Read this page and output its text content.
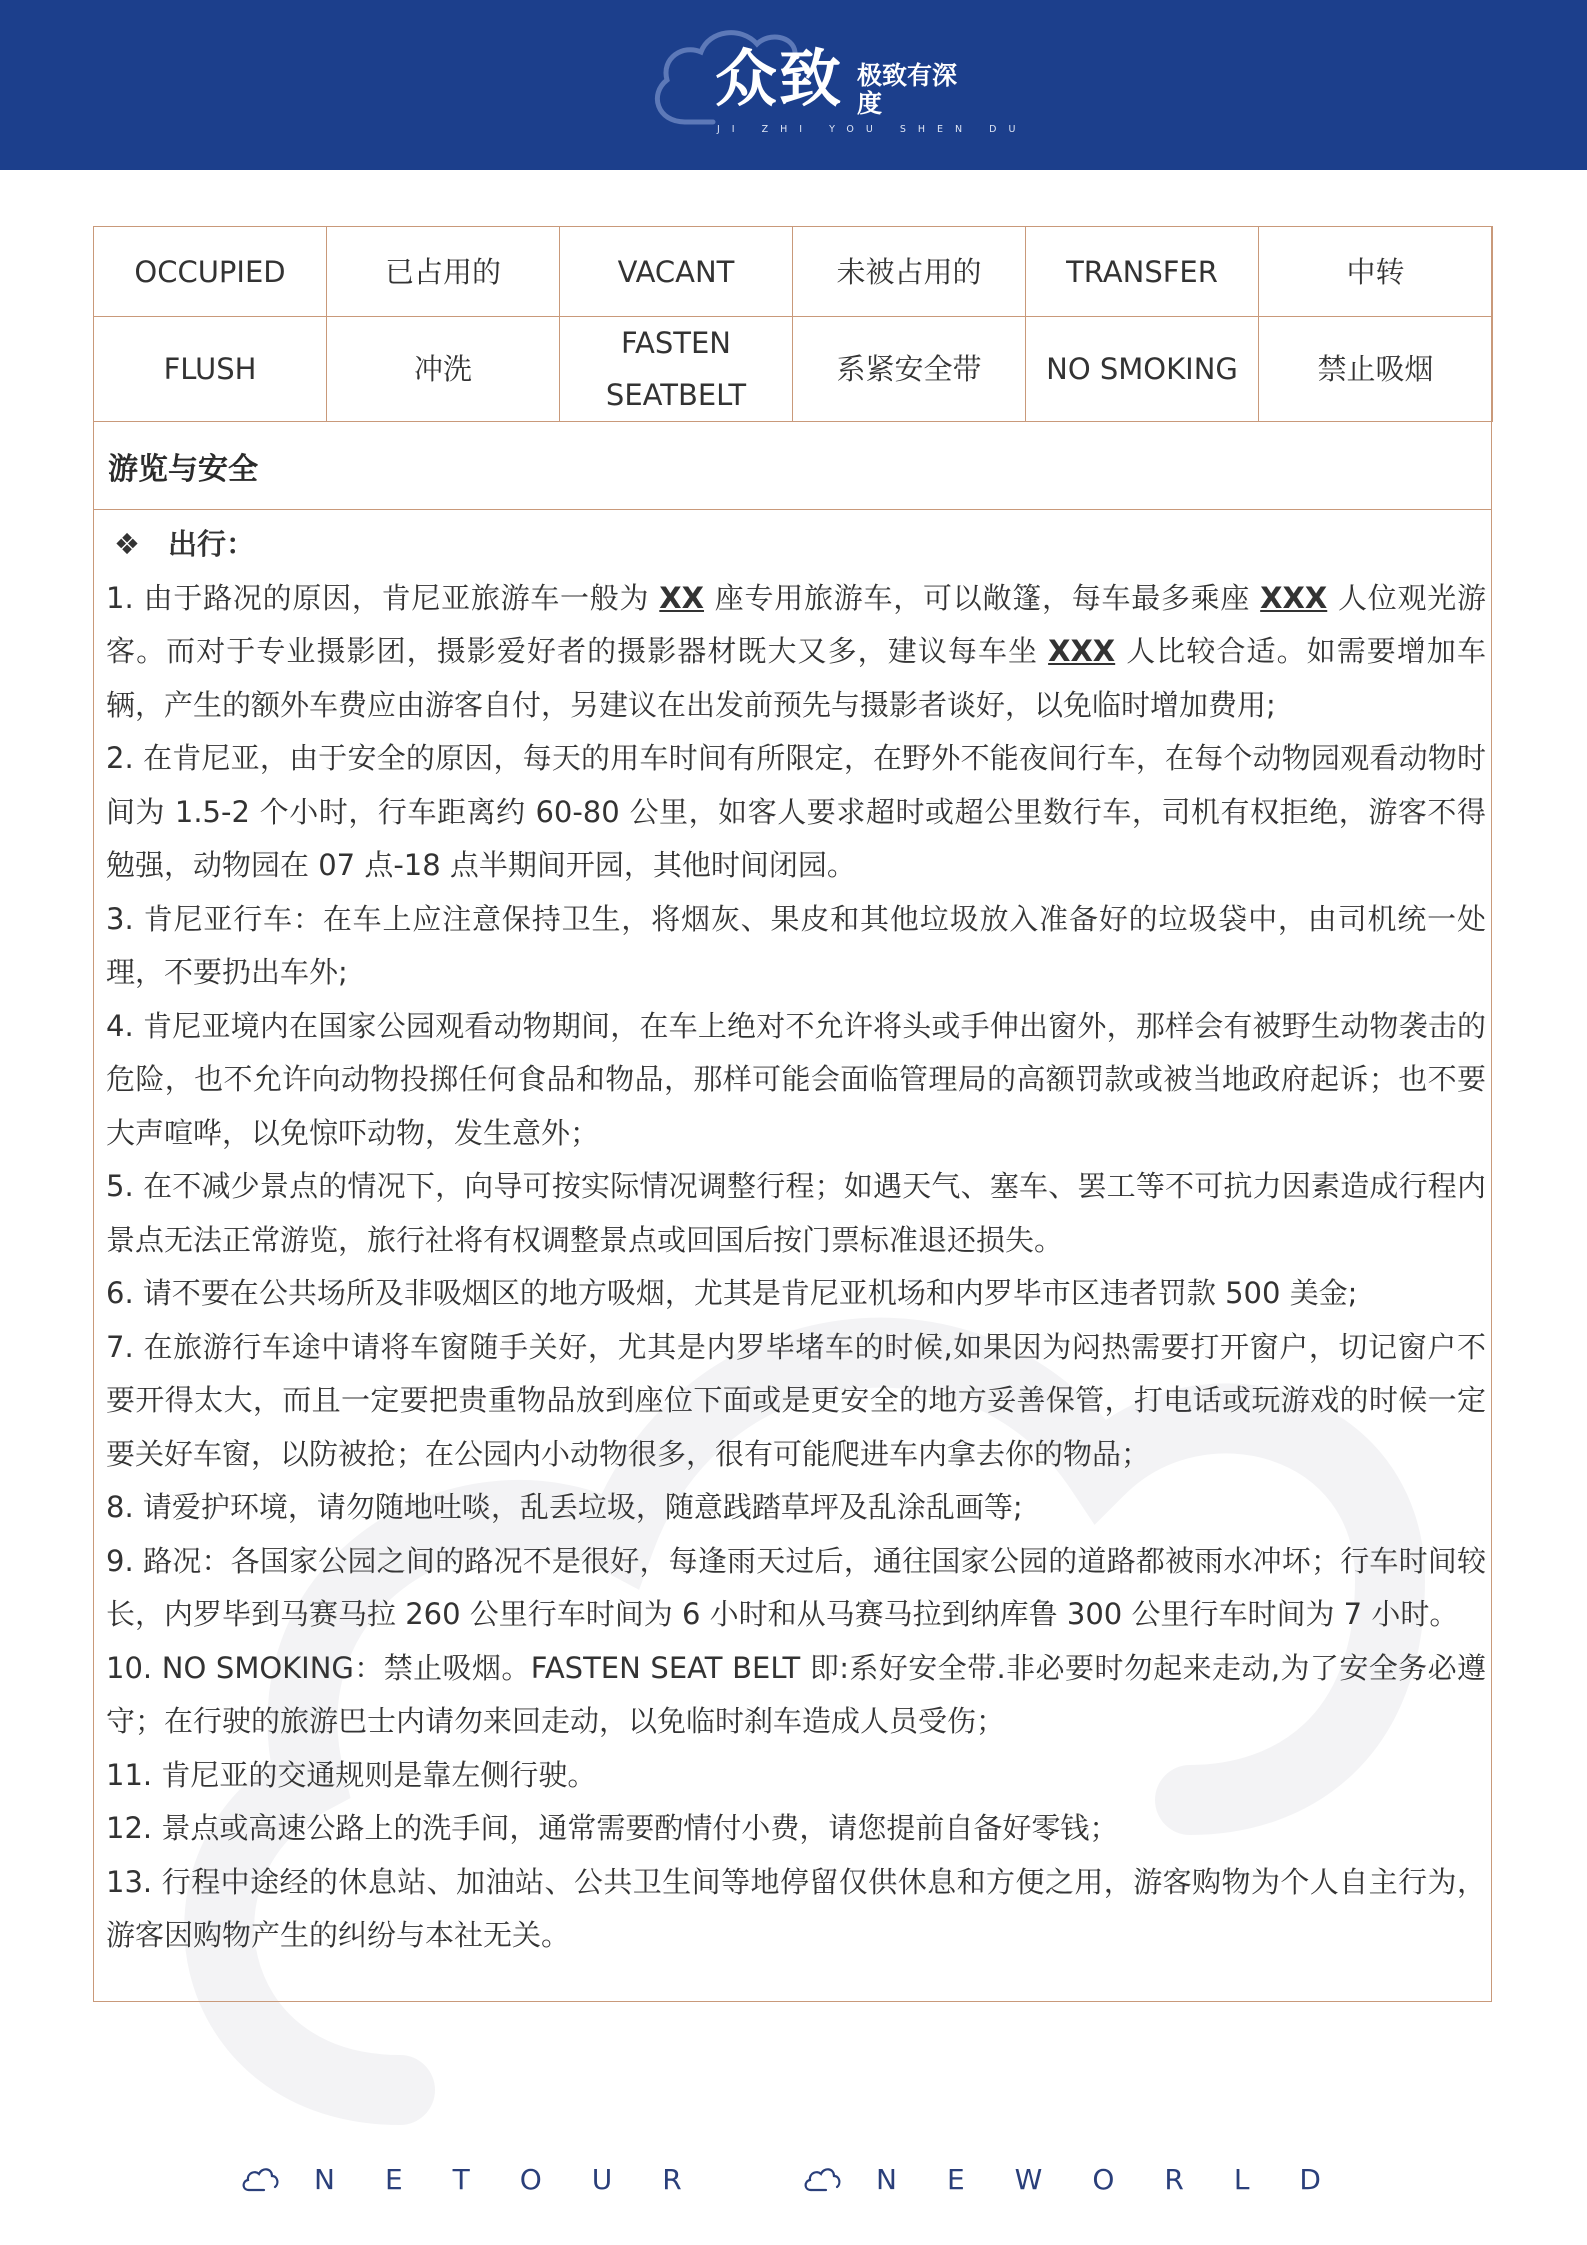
众致 极致有深度
JI ZHI YOU SHEN DU
OCCUPIED	已占用的	VACANT	未被占用的	TRANSFER	中转
FLUSH	冲洗	FASTEN SEATBELT	系紧安全带	NO SMOKING	禁止吸烟
游览与安全

❖ 出行：

1. 由于路况的原因，肯尼亚旅游车一般为 XX 座专用旅游车，可以敞篷，每车最多乘座 XXX 人位观光游客。而对于专业摄影团，摄影爱好者的摄影器材既大又多，建议每车坐 XXX 人比较合适。如需要增加车辆，产生的额外车费应由游客自付，另建议在出发前预先与摄影者谈好，以免临时增加费用;

2. 在肯尼亚，由于安全的原因，每天的用车时间有所限定，在野外不能夜间行车，在每个动物园观看动物时间为 1.5-2 个小时，行车距离约 60-80 公里，如客人要求超时或超公里数行车，司机有权拒绝，游客不得勉强，动物园在 07 点-18 点半期间开园，其他时间闭园。

3. 肯尼亚行车：在车上应注意保持卫生，将烟灰、果皮和其他垃圾放入准备好的垃圾袋中，由司机统一处理，不要扔出车外;

4. 肯尼亚境内在国家公园观看动物期间，在车上绝对不允许将头或手伸出窗外，那样会有被野生动物袭击的危险，也不允许向动物投掷任何食品和物品，那样可能会面临管理局的高额罚款或被当地政府起诉；也不要大声喧哗，以免惊吓动物，发生意外；

5. 在不减少景点的情况下，向导可按实际情况调整行程；如遇天气、塞车、罢工等不可抗力因素造成行程内景点无法正常游览，旅行社将有权调整景点或回国后按门票标准退还损失。

6. 请不要在公共场所及非吸烟区的地方吸烟，尤其是肯尼亚机场和内罗毕市区违者罚款 500 美金;

7. 在旅游行车途中请将车窗随手关好，尤其是内罗毕堵车的时候,如果因为闷热需要打开窗户，切记窗户不要开得太大，而且一定要把贵重物品放到座位下面或是更安全的地方妥善保管，打电话或玩游戏的时候一定要关好车窗，以防被抢；在公园内小动物很多，很有可能爬进车内拿去你的物品；

8. 请爱护环境，请勿随地吐啖，乱丢垃圾，随意践踏草坪及乱涂乱画等;

9. 路况：各国家公园之间的路况不是很好，每逢雨天过后，通往国家公园的道路都被雨水冲坏；行车时间较长，内罗毕到马赛马拉 260 公里行车时间为 6 小时和从马赛马拉到纳库鲁 300 公里行车时间为 7 小时。

10. NO SMOKING：禁止吸烟。FASTEN SEAT BELT 即:系好安全带.非必要时勿起来走动,为了安全务必遵守；在行驶的旅游巴士内请勿来回走动，以免临时刹车造成人员受伤；

11. 肯尼亚的交通规则是靠左侧行驶。

12. 景点或高速公路上的洗手间，通常需要酌情付小费，请您提前自备好零钱；

13. 行程中途经的休息站、加油站、公共卫生间等地停留仅供休息和方便之用，游客购物为个人自主行为，游客因购物产生的纠纷与本社无关。

NETOUR	NEWORLD
